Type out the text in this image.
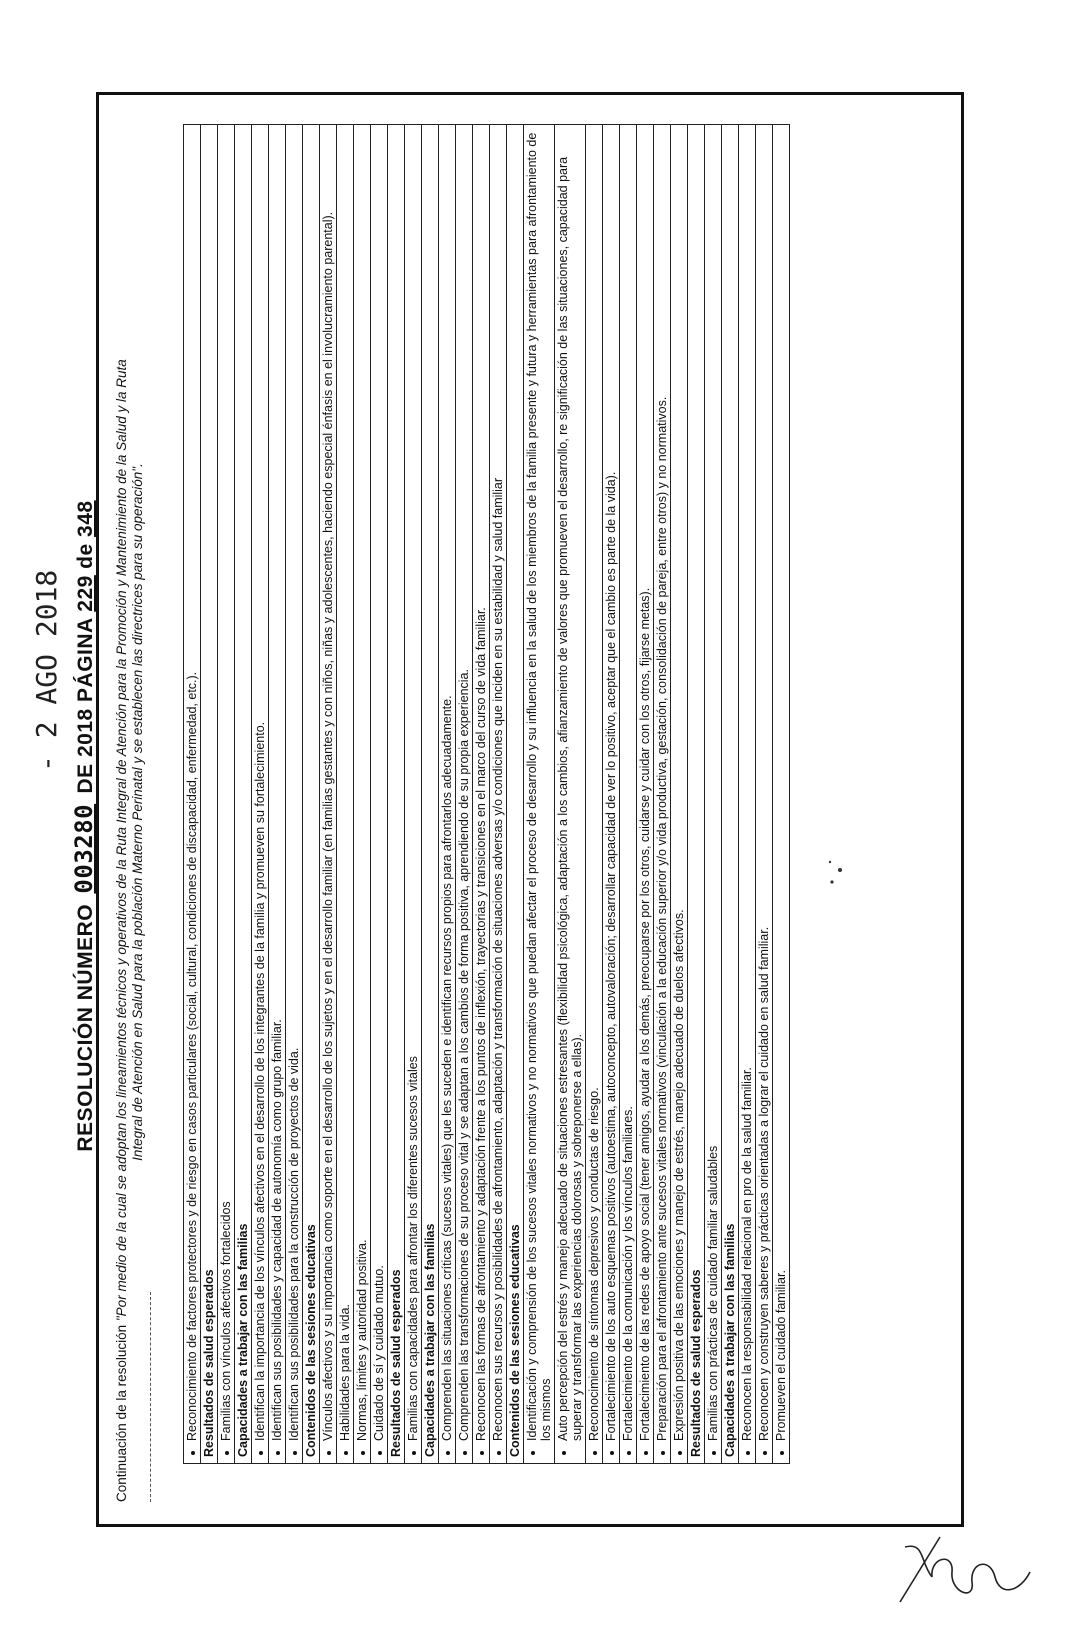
- 2 AGO 2018
RESOLUCIÓN NÚMERO 003280 DE 2018 PÁGINA 229 de 348
Continuación de la resolución "Por medio de la cual se adoptan los lineamientos técnicos y operativos de la Ruta Integral de Atención para la Promoción y Mantenimiento de la Salud y la Ruta Integral de Atención en Salud para la población Materno Perinatal y se establecen las directrices para su operación".	• Reconocimiento de factores protectores y de riesgo en casos particulares (social, cultural, condiciones de discapacidad, enfermedad, etc.).

Resultados de salud esperados

• Familias con vínculos afectivos fortalecidos

Capacidades a trabajar con las familias

• Identifican la importancia de los vínculos afectivos en el desarrollo de los integrantes de la familia y promueven su fortalecimiento.

• Identifican sus posibilidades y capacidad de autonomía como grupo familiar.

• Identifican sus posibilidades para la construcción de proyectos de vida.

Contenidos de las sesiones educativas

• Vínculos afectivos y su importancia como soporte en el desarrollo de los sujetos y en el desarrollo familiar (en familias gestantes y con niños, niñas y adolescentes, haciendo especial énfasis en el involucramiento parental).

• Habilidades para la vida.

• Normas, límites y autoridad positiva.

• Cuidado de sí y cuidado mutuo.

Resultados de salud esperados

• Familias con capacidades para afrontar los diferentes sucesos vitales

Capacidades a trabajar con las familias

• Comprenden las situaciones críticas (sucesos vitales) que les suceden e identifican recursos propios para afrontarlos adecuadamente.

• Comprenden las transformaciones de su proceso vital y se adaptan a los cambios de forma positiva, aprendiendo de su propia experiencia.

• Reconocen las formas de afrontamiento y adaptación frente a los puntos de inflexión, trayectorias y transiciones en el marco del curso de vida familiar.

• Reconocen sus recursos y posibilidades de afrontamiento, adaptación y transformación de situaciones adversas y/o condiciones que inciden en su estabilidad y salud familiar

Contenidos de las sesiones educativas

• Identificación y comprensión de los sucesos vitales normativos y no normativos que puedan afectar el proceso de desarrollo y su influencia en la salud de los miembros de la familia presente y futura y herramientas para afrontamiento de los mismos

• Auto percepción del estrés y manejo adecuado de situaciones estresantes (flexibilidad psicológica, adaptación a los cambios, afianzamiento de valores que promueven el desarrollo, re significación de las situaciones, capacidad para superar y transformar las experiencias dolorosas y sobreponerse a ellas).

• Reconocimiento de síntomas depresivos y conductas de riesgo.

• Fortalecimiento de los auto esquemas positivos (autoestima, autoconcepto, autovaloración; desarrollar capacidad de ver lo positivo, aceptar que el cambio es parte de la vida).

• Fortalecimiento de la comunicación y los vínculos familiares.

• Fortalecimiento de las redes de apoyo social (tener amigos, ayudar a los demás, preocuparse por los otros, cuidarse y cuidar con los otros, fijarse metas).

• Preparación para el afrontamiento ante sucesos vitales normativos (vinculación a la educación superior y/o vida productiva, gestación, consolidación de pareja, entre otros) y no normativos.

• Expresión positiva de las emociones y manejo de estrés, manejo adecuado de duelos afectivos.

Resultados de salud esperados

• Familias con prácticas de cuidado familiar saludables

Capacidades a trabajar con las familias

• Reconocen la responsabilidad relacional en pro de la salud familiar.

• Reconocen y construyen saberes y prácticas orientadas a lograr el cuidado en salud familiar.

• Promueven el cuidado familiar.
